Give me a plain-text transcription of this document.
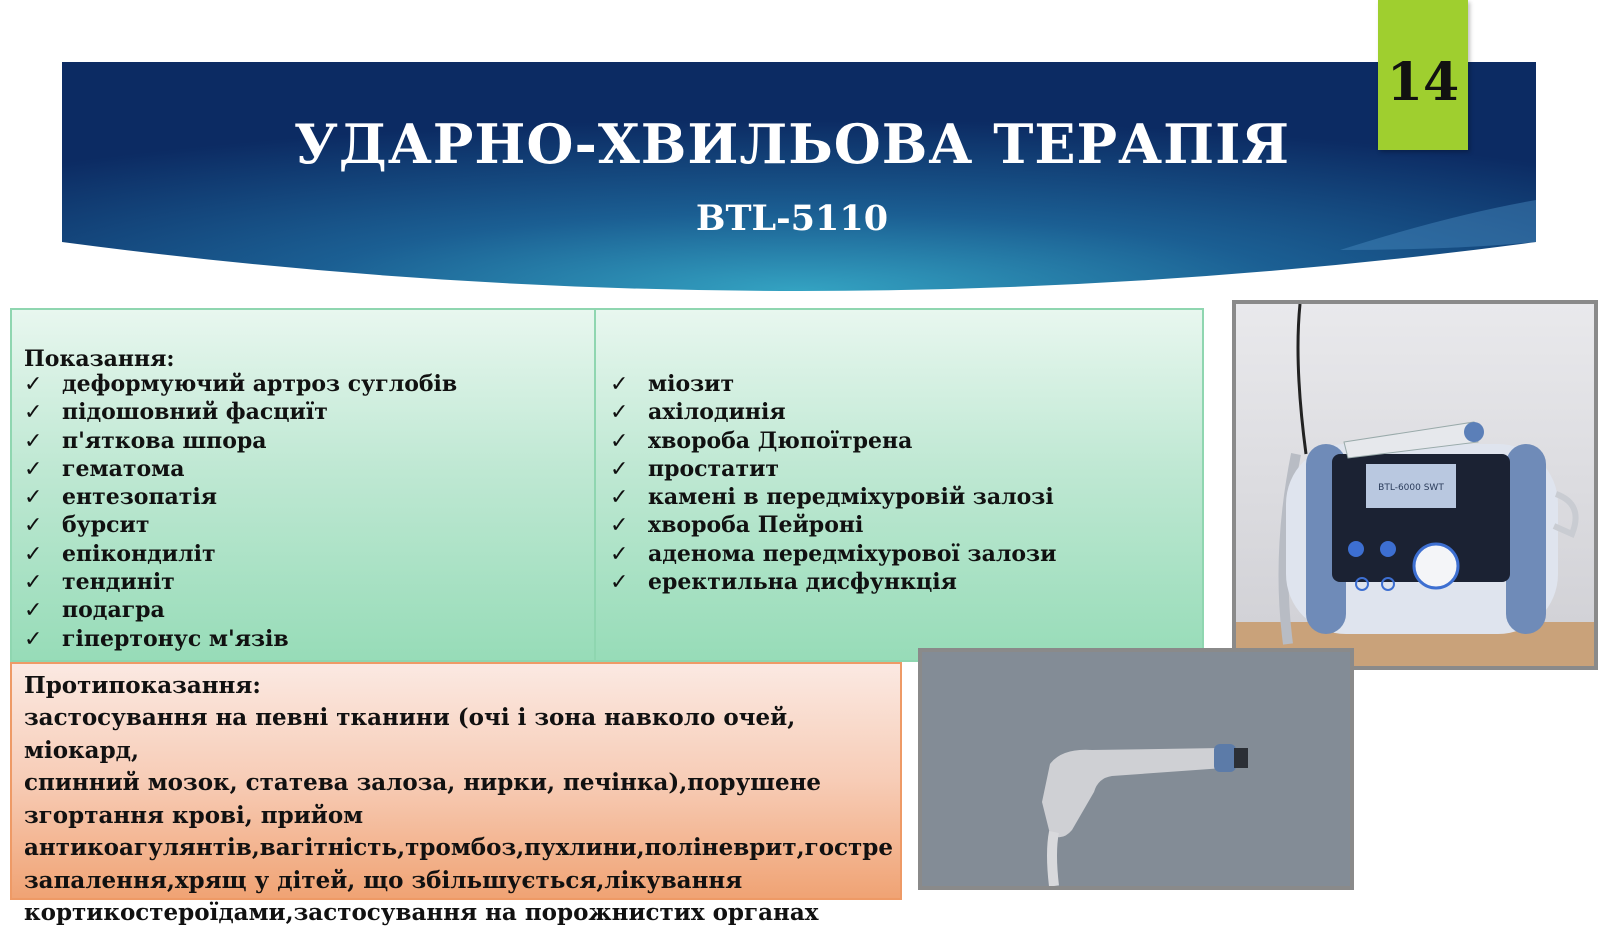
УДАРНО-ХВИЛЬОВА ТЕРАПІЯ
BTL-5110
14
Показання:
✓ деформуючий артроз суглобів
✓ підошовний фасциїт
✓ п'яткова шпора
✓ гематома
✓ ентезопатія
✓ бурсит
✓ епікондиліт
✓ тендиніт
✓ подагра
✓ гіпертонус м'язів
✓ міозит
✓ ахілодинія
✓ хвороба Дюпоїтрена
✓ простатит
✓ камені в передміхуровій залозі
✓ хвороба Пейроні
✓ аденома передміхурової залози
✓ еректильна дисфункція
Протипоказання:
застосування на певні тканини (очі і зона навколо очей, міокард,
спинний мозок, статева залоза, нирки, печінка),порушене
згортання крові, прийом
антикоагулянтів,вагітність,тромбоз,пухлини,поліневрит,гостре
запалення,хрящ у дітей, що збільшується,лікування
кортикостероїдами,застосування на порожнистих органах
BTL-6000 SWT
